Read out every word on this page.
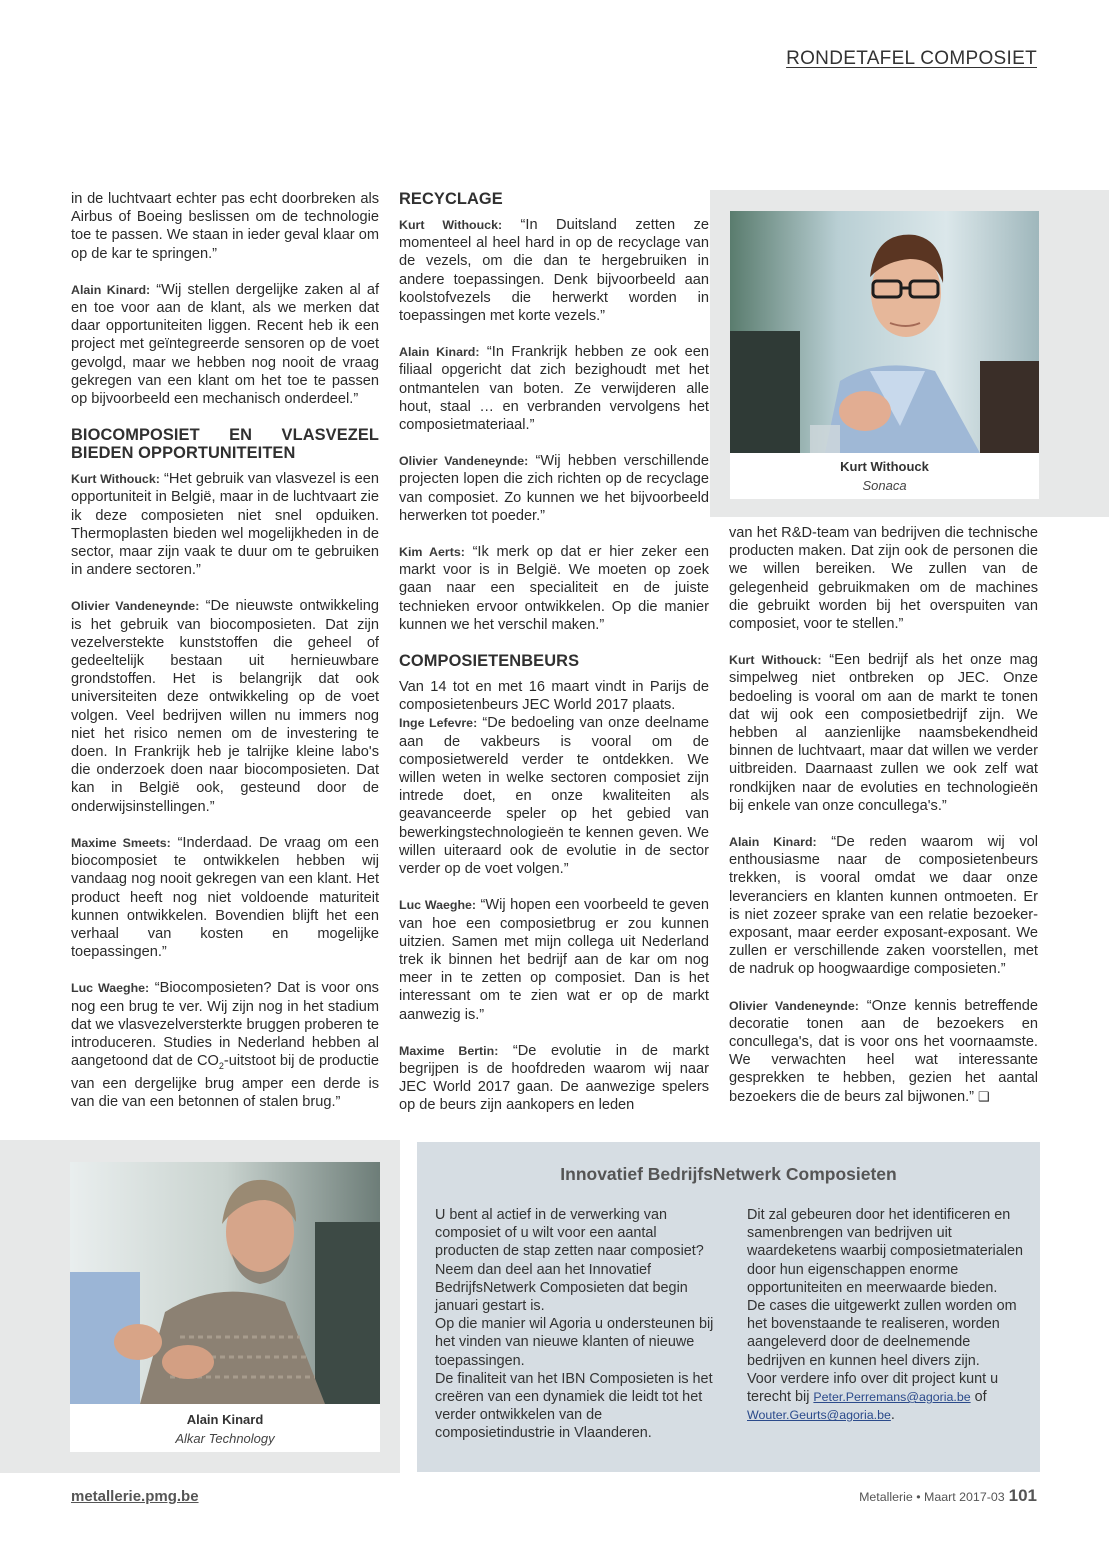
RONDETAFEL COMPOSIET

in de luchtvaart echter pas echt doorbreken als Airbus of Boeing beslissen om de technologie toe te passen. We staan in ieder geval klaar om op de kar te springen.”

Alain Kinard: “Wij stellen dergelijke zaken al af en toe voor aan de klant, als we merken dat daar opportuniteiten liggen. Recent heb ik een project met geïntegreerde sensoren op de voet gevolgd, maar we hebben nog nooit de vraag gekregen van een klant om het toe te passen op bijvoorbeeld een mechanisch onderdeel.”

BIOCOMPOSIET EN VLASVEZEL BIEDEN OPPORTUNITEITEN

Kurt Withouck: “Het gebruik van vlasvezel is een opportuniteit in België, maar in de luchtvaart zie ik deze composieten niet snel opduiken. Thermoplasten bieden wel mogelijkheden in de sector, maar zijn vaak te duur om te gebruiken in andere sectoren.”

Olivier Vandeneynde: “De nieuwste ontwikkeling is het gebruik van biocomposieten. Dat zijn vezelverstekte kunststoffen die geheel of gedeeltelijk bestaan uit hernieuwbare grondstoffen. Het is belangrijk dat ook universiteiten deze ontwikkeling op de voet volgen. Veel bedrijven willen nu immers nog niet het risico nemen om de investering te doen. In Frankrijk heb je talrijke kleine labo's die onderzoek doen naar biocomposieten. Dat kan in België ook, gesteund door de onderwijsinstellingen.”

Maxime Smeets: “Inderdaad. De vraag om een biocomposiet te ontwikkelen hebben wij vandaag nog nooit gekregen van een klant. Het product heeft nog niet voldoende maturiteit kunnen ontwikkelen. Bovendien blijft het een verhaal van kosten en mogelijke toepassingen.”

Luc Waeghe: “Biocomposieten? Dat is voor ons nog een brug te ver. Wij zijn nog in het stadium dat we vlasvezelversterkte bruggen proberen te introduceren. Studies in Nederland hebben al aangetoond dat de $CO_2$-uitstoot bij de productie van een dergelijke brug amper een derde is van die van een betonnen of stalen brug.”

RECYCLAGE

Kurt Withouck: “In Duitsland zetten ze momenteel al heel hard in op de recyclage van de vezels, om die dan te hergebruiken in andere toepassingen. Denk bijvoorbeeld aan koolstofvezels die herwerkt worden in toepassingen met korte vezels.”

Alain Kinard: “In Frankrijk hebben ze ook een filiaal opgericht dat zich bezighoudt met het ontmantelen van boten. Ze verwijderen alle hout, staal … en verbranden vervolgens het composietmateriaal.”

Olivier Vandeneynde: “Wij hebben verschillende projecten lopen die zich richten op de recyclage van composiet. Zo kunnen we het bijvoorbeeld herwerken tot poeder.”

Kim Aerts: “Ik merk op dat er hier zeker een markt voor is in België. We moeten op zoek gaan naar een specialiteit en de juiste technieken ervoor ontwikkelen. Op die manier kunnen we het verschil maken.”

COMPOSIETENBEURS

Van 14 tot en met 16 maart vindt in Parijs de composietenbeurs JEC World 2017 plaats.

Inge Lefevre: “De bedoeling van onze deelname aan de vakbeurs is vooral om de composietwereld verder te ontdekken. We willen weten in welke sectoren composiet zijn intrede doet, en onze kwaliteiten als geavanceerde speler op het gebied van bewerkingstechnologieën te kennen geven. We willen uiteraard ook de evolutie in de sector verder op de voet volgen.”

Luc Waeghe: “Wij hopen een voorbeeld te geven van hoe een composietbrug er zou kunnen uitzien. Samen met mijn collega uit Nederland trek ik binnen het bedrijf aan de kar om nog meer in te zetten op composiet. Dan is het interessant om te zien wat er op de markt aanwezig is.”

Maxime Bertin: “De evolutie in de markt begrijpen is de hoofdreden waarom wij naar JEC World 2017 gaan. De aanwezige spelers op de beurs zijn aankopers en leden

Kurt Withouck
Sonaca

van het R&D-team van bedrijven die technische producten maken. Dat zijn ook de personen die we willen bereiken. We zullen van de gelegenheid gebruikmaken om de machines die gebruikt worden bij het overspuiten van composiet, voor te stellen.”

Kurt Withouck: “Een bedrijf als het onze mag simpelweg niet ontbreken op JEC. Onze bedoeling is vooral om aan de markt te tonen dat wij ook een composietbedrijf zijn. We hebben al aanzienlijke naamsbekendheid binnen de luchtvaart, maar dat willen we verder uitbreiden. Daarnaast zullen we ook zelf wat rondkijken naar de evoluties en technologieën bij enkele van onze concullega's.”

Alain Kinard: “De reden waarom wij vol enthousiasme naar de composietenbeurs trekken, is vooral omdat we daar onze leveranciers en klanten kunnen ontmoeten. Er is niet zozeer sprake van een relatie bezoeker-exposant, maar eerder exposant-exposant. We zullen er verschillende zaken voorstellen, met de nadruk op hoogwaardige composieten.”

Olivier Vandeneynde: “Onze kennis betreffende decoratie tonen aan de bezoekers en concullega's, dat is voor ons het voornaamste. We verwachten heel wat interessante gesprekken te hebben, gezien het aantal bezoekers die de beurs zal bijwonen.” ❑

Alain Kinard
Alkar Technology
Innovatief BedrijfsNetwerk Composieten
U bent al actief in de verwerking van composiet of u wilt voor een aantal producten de stap zetten naar composiet? Neem dan deel aan het Innovatief BedrijfsNetwerk Composieten dat begin januari gestart is.
Op die manier wil Agoria u ondersteunen bij het vinden van nieuwe klanten of nieuwe toepassingen.
De finaliteit van het IBN Composieten is het creëren van een dynamiek die leidt tot het verder ontwikkelen van de composietindustrie in Vlaanderen.
Dit zal gebeuren door het identificeren en samenbrengen van bedrijven uit waardeketens waarbij composietmaterialen door hun eigenschappen enorme opportuniteiten en meerwaarde bieden.
De cases die uitgewerkt zullen worden om het bovenstaande te realiseren, worden aangeleverd door de deelnemende bedrijven en kunnen heel divers zijn.
Voor verdere info over dit project kunt u terecht bij Peter.Perremans@agoria.be of Wouter.Geurts@agoria.be.
metallerie.pmg.be	Metallerie • Maart 2017-03 101
